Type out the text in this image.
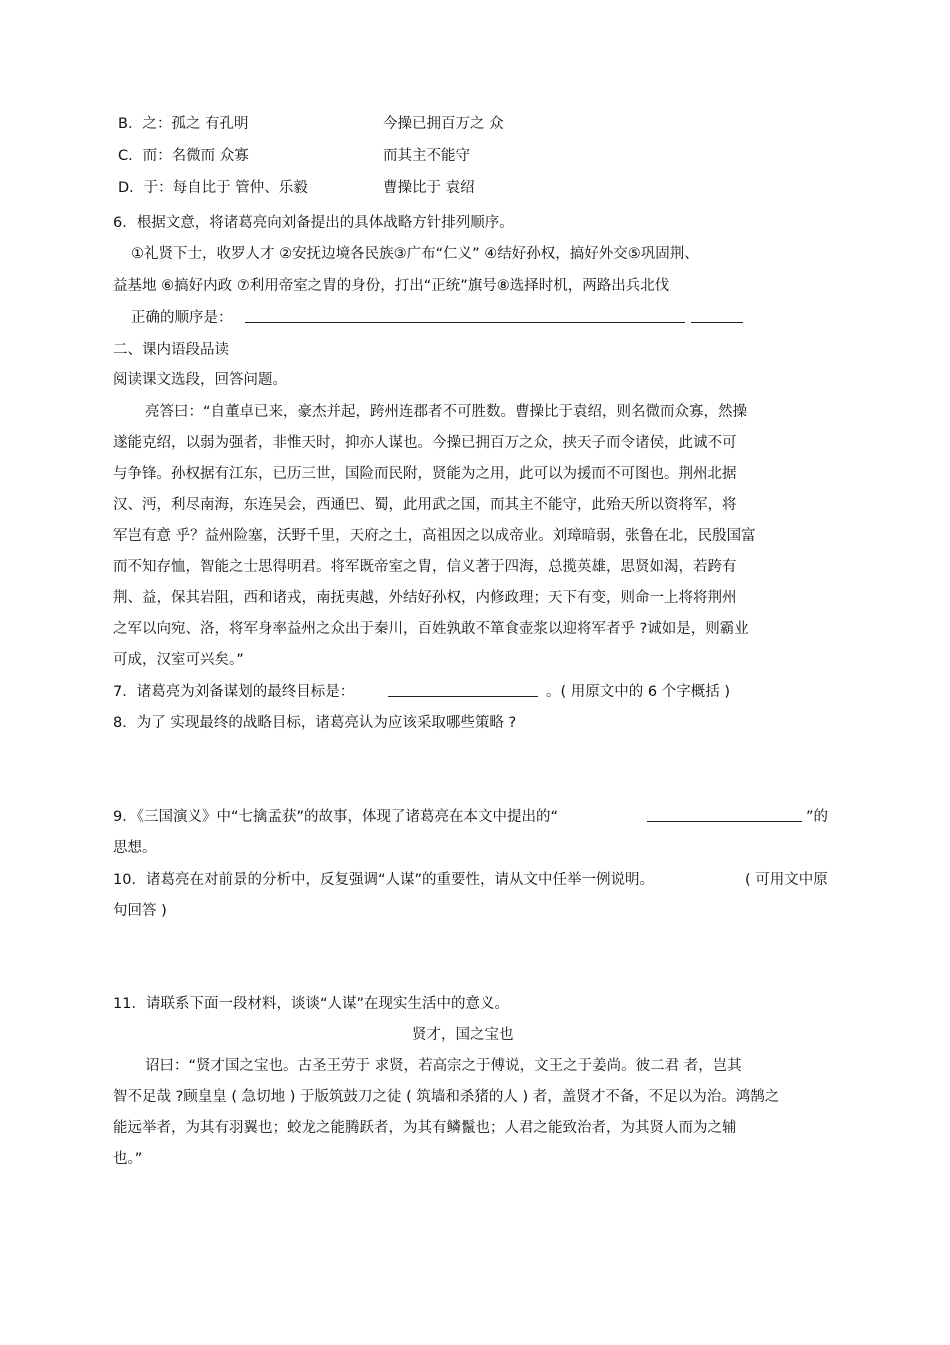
B．之：孤之 有孔明	今操已拥百万之 众
C．而：名微而 众寡	而其主不能守
D．于：每自比于 管仲、乐毅	曹操比于 袁绍
6．根据文意，将诸葛亮向刘备提出的具体战略方针排列顺序。
①礼贤下士，收罗人才 ②安抚边境各民族③广布“仁义” ④结好孙权，搞好外交⑤巩固荆、
益基地 ⑥搞好内政 ⑦利用帝室之胄的身份，打出“正统”旗号⑧选择时机，两路出兵北伐
正确的顺序是：
二、课内语段品读
阅读课文选段，回答问题。
亮答曰：“自董卓已来，豪杰并起，跨州连郡者不可胜数。曹操比于袁绍，则名微而众寡，然操
遂能克绍，以弱为强者，非惟天时，抑亦人谋也。今操已拥百万之众，挟天子而令诸侯，此诚不可
与争锋。孙权据有江东，已历三世，国险而民附，贤能为之用，此可以为援而不可图也。荆州北据
汉、沔，利尽南海，东连吴会，西通巴、蜀，此用武之国，而其主不能守，此殆天所以资将军，将
军岂有意 乎？益州险塞，沃野千里，天府之土，高祖因之以成帝业。刘璋暗弱，张鲁在北，民殷国富
而不知存恤，智能之士思得明君。将军既帝室之胄，信义著于四海，总揽英雄，思贤如渴，若跨有
荆、益，保其岩阻，西和诸戎，南抚夷越，外结好孙权，内修政理；天下有变，则命一上将将荆州
之军以向宛、洛，将军身率益州之众出于秦川，百姓孰敢不箪食壶浆以迎将军者乎 ?诚如是，则霸业
可成，汉室可兴矣。”
7．诸葛亮为刘备谋划的最终目标是：	。( 用原文中的 6 个字概括 )
8．为了 实现最终的战略目标，诸葛亮认为应该采取哪些策略 ?
9．《三国演义》中“七擒孟获”的故事，体现了诸葛亮在本文中提出的“	”的
思想。
10．诸葛亮在对前景的分析中，反复强调“人谋”的重要性，请从文中任举一例说明。	( 可用文中原
句回答 )
11．请联系下面一段材料，谈谈“人谋”在现实生活中的意义。
贤才，国之宝也
诏曰：“贤才国之宝也。古圣王劳于 求贤，若高宗之于傅说，文王之于姜尚。彼二君 者，岂其
智不足哉 ?顾皇皇 ( 急切地 ) 于版筑鼓刀之徒 ( 筑墙和杀猪的人 ) 者，盖贤才不备，不足以为治。鸿鹄之
能远举者，为其有羽翼也；蛟龙之能腾跃者，为其有鳞鬣也；人君之能致治者，为其贤人而为之辅
也。”
